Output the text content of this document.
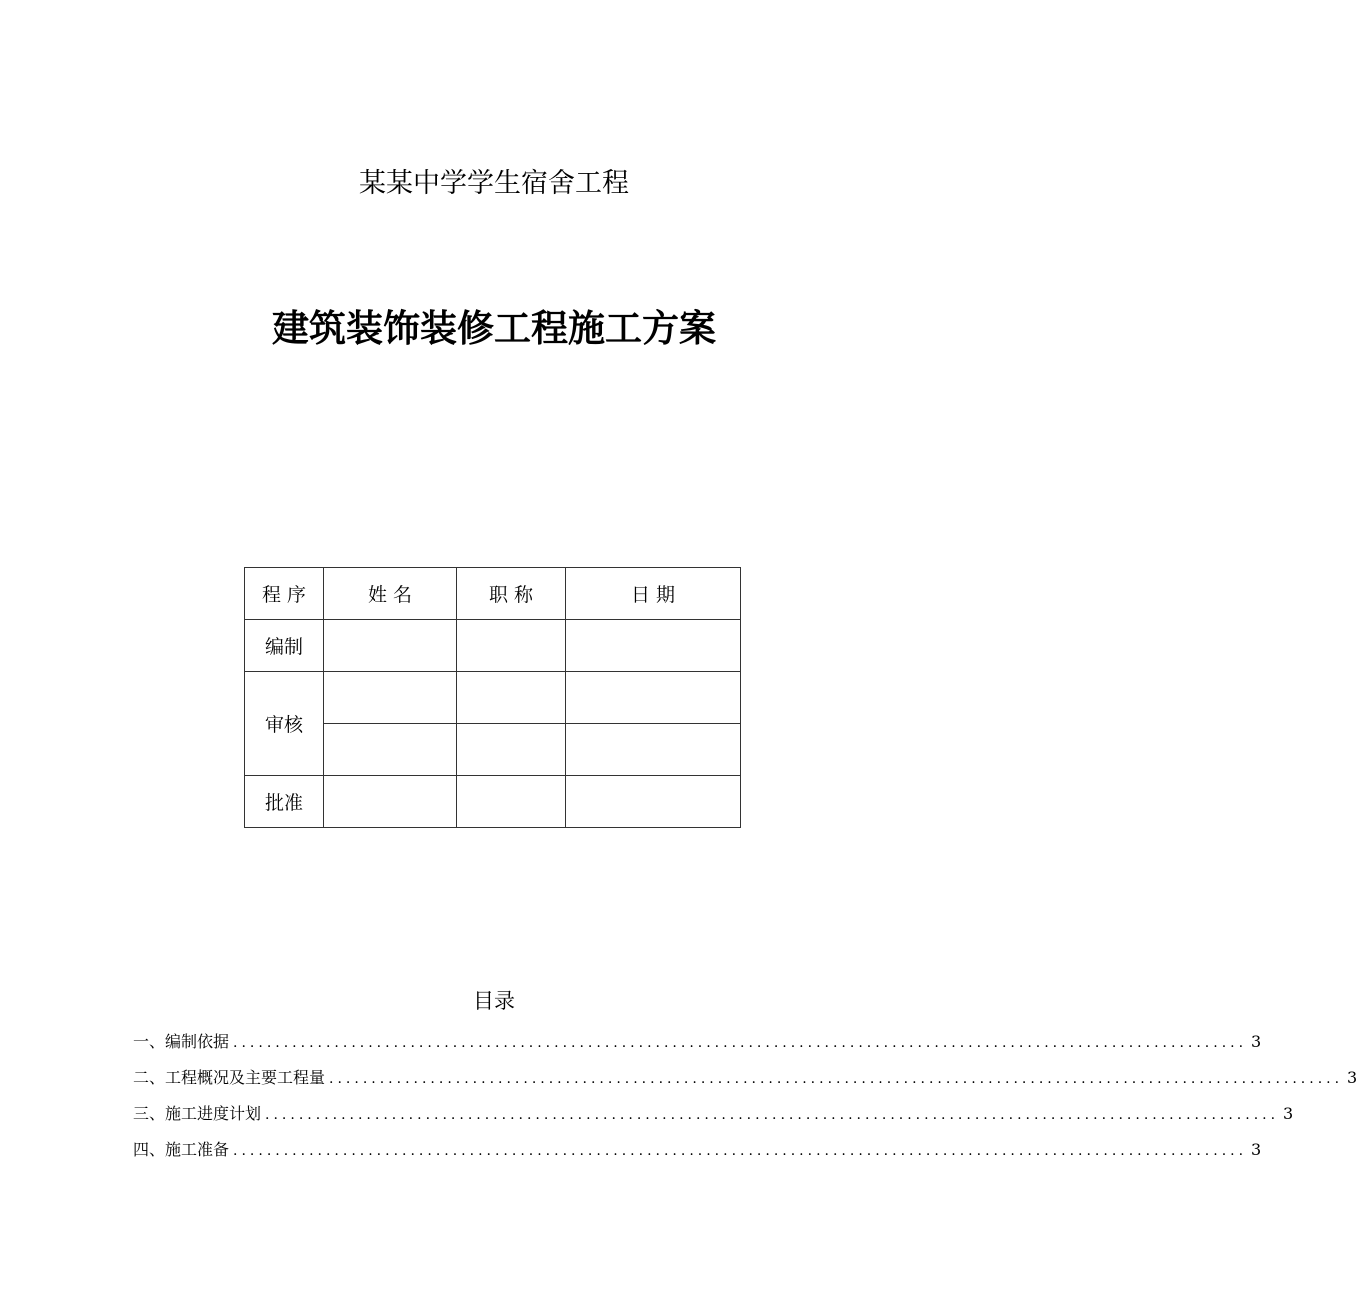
某某中学学生宿舍工程
建筑装饰装修工程施工方案
程 序	姓 名	职 称	日 期
编制			
审核			

批准			
目录
一、编制依据 ........................................................................................................................ 3
二、工程概况及主要工程量 ........................................................................................................................ 3
三、施工进度计划 ........................................................................................................................ 3
四、施工准备 ........................................................................................................................ 3
